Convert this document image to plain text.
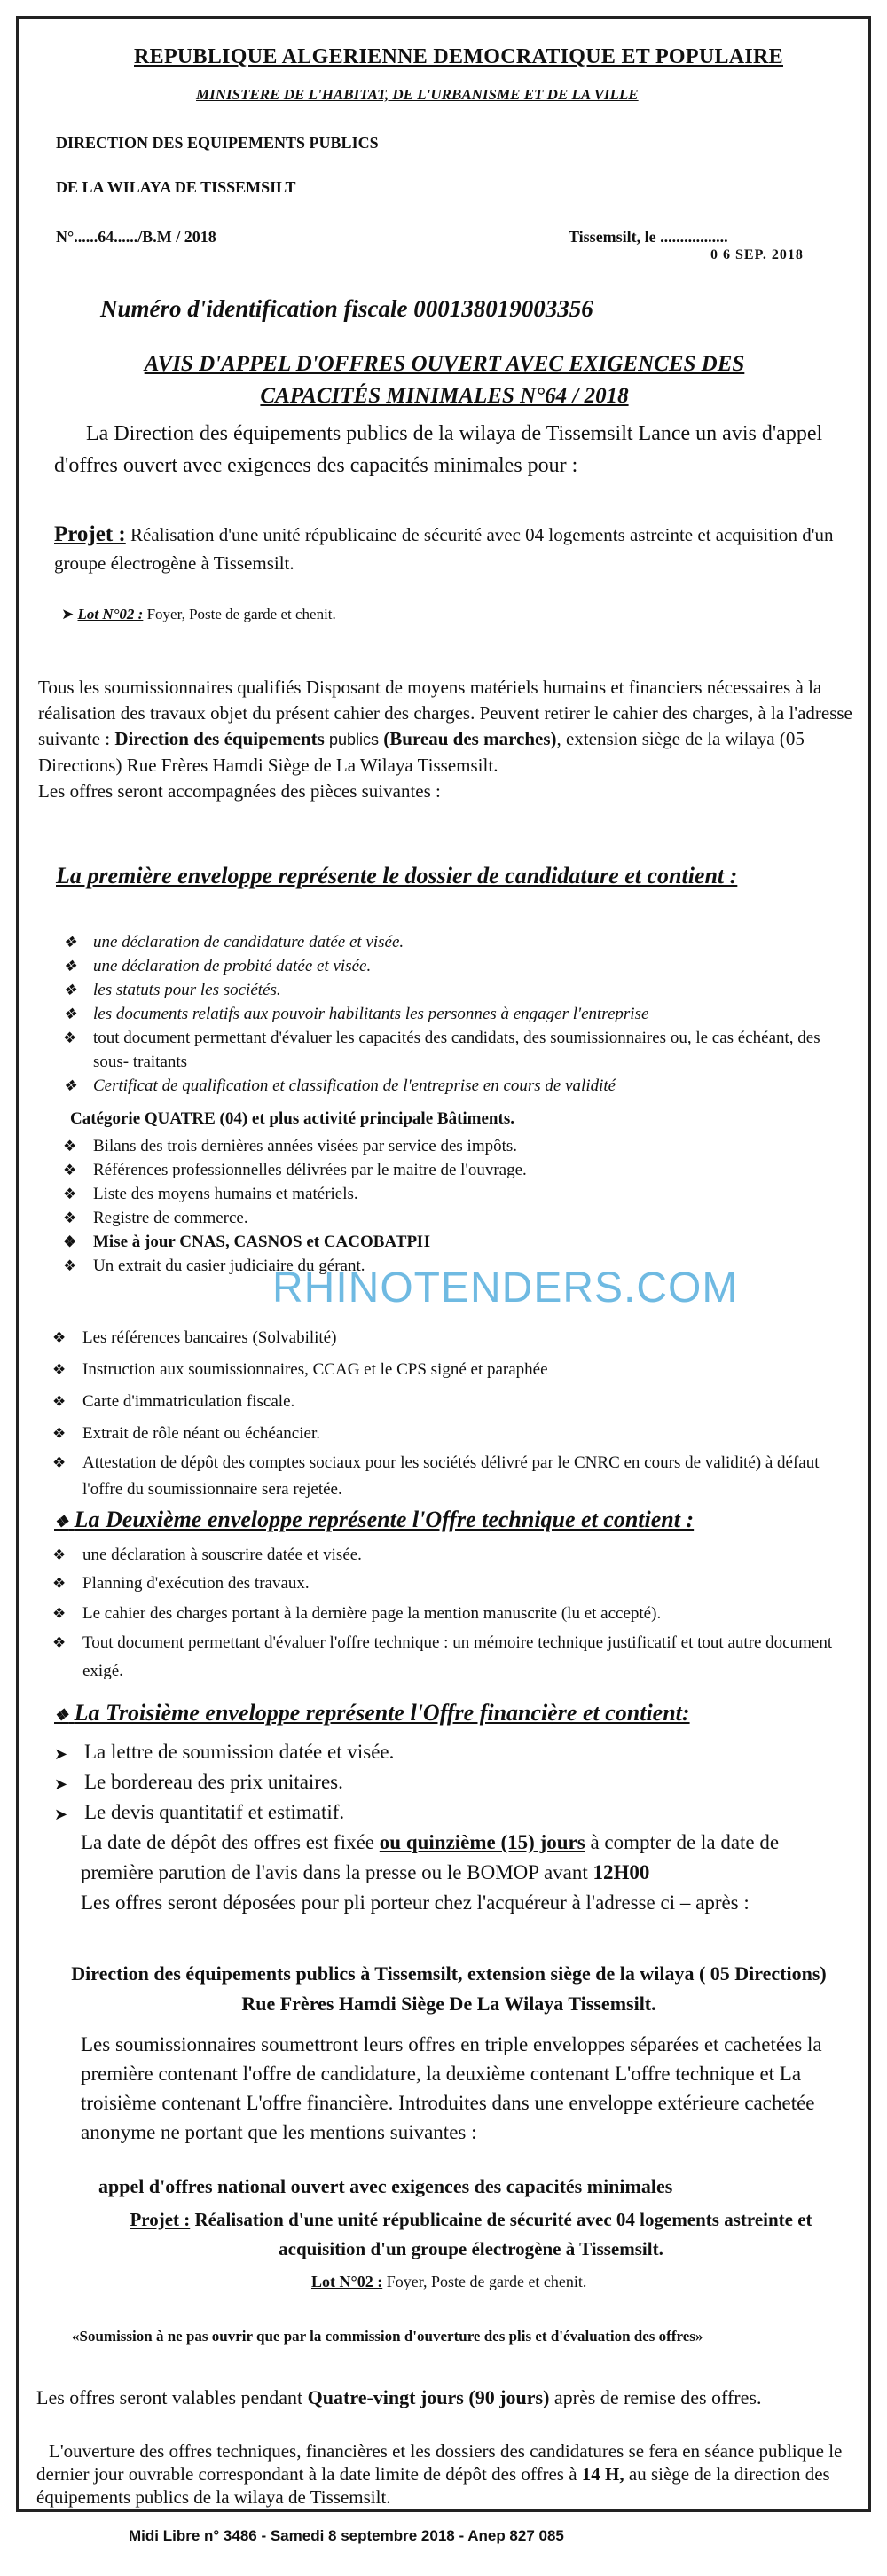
REPUBLIQUE ALGERIENNE DEMOCRATIQUE ET POPULAIRE
MINISTERE DE L'HABITAT, DE L'URBANISME ET DE LA VILLE
DIRECTION DES EQUIPEMENTS PUBLICS
DE LA WILAYA DE TISSEMSILT
N°......64....../B.M / 2018	Tissemsilt, le .................
0 6 SEP. 2018
Numéro d'identification fiscale 000138019003356
AVIS D'APPEL D'OFFRES OUVERT AVEC EXIGENCES DES CAPACITÉS MINIMALES N°64 / 2018
La Direction des équipements publics de la wilaya de Tissemsilt Lance un avis d'appel d'offres ouvert avec exigences des capacités minimales pour :
Projet : Réalisation d'une unité républicaine de sécurité avec 04 logements astreinte et acquisition d'un groupe électrogène à Tissemsilt.
➤ Lot N°02 : Foyer, Poste de garde et chenit.
Tous les soumissionnaires qualifiés Disposant de moyens matériels humains et financiers nécessaires à la réalisation des travaux objet du présent cahier des charges. Peuvent retirer le cahier des charges, à la l'adresse suivante : Direction des équipements publics (Bureau des marches), extension siège de la wilaya (05 Directions) Rue Frères Hamdi Siège de La Wilaya Tissemsilt.
Les offres seront accompagnées des pièces suivantes :
La première enveloppe représente le dossier de candidature et contient :
❖ une déclaration de candidature datée et visée.
❖ une déclaration de probité datée et visée.
❖ les statuts pour les sociétés.
❖ les documents relatifs aux pouvoir habilitants les personnes à engager l'entreprise
❖ tout document permettant d'évaluer les capacités des candidats, des soumissionnaires ou, le cas échéant, des sous- traitants
❖ Certificat de qualification et classification de l'entreprise en cours de validité
Catégorie QUATRE (04) et plus activité principale Bâtiments.
❖ Bilans des trois dernières années visées par service des impôts.
❖ Références professionnelles délivrées par le maitre de l'ouvrage.
❖ Liste des moyens humains et matériels.
❖ Registre de commerce.
❖ Mise à jour CNAS, CASNOS et CACOBATPH
❖ Un extrait du casier judiciaire du gérant.
RHINOTENDERS.COM
❖ Les références bancaires (Solvabilité)
❖ Instruction aux soumissionnaires, CCAG et le CPS signé et paraphée
❖ Carte d'immatriculation fiscale.
❖ Extrait de rôle néant ou échéancier.
❖ Attestation de dépôt des comptes sociaux pour les sociétés délivré par le CNRC en cours de validité) à défaut l'offre du soumissionnaire sera rejetée.
❖ La Deuxième enveloppe représente l'Offre technique et contient :
❖ une déclaration à souscrire datée et visée.
❖ Planning d'exécution des travaux.
❖ Le cahier des charges portant à la dernière page la mention manuscrite (lu et accepté).
❖ Tout document permettant d'évaluer l'offre technique : un mémoire technique justificatif et tout autre document exigé.
❖ La Troisième enveloppe représente l'Offre financière et contient:
➤ La lettre de soumission datée et visée.
➤ Le bordereau des prix unitaires.
➤ Le devis quantitatif et estimatif.
La date de dépôt des offres est fixée ou quinzième (15) jours à compter de la date de première parution de l'avis dans la presse ou le BOMOP avant 12H00
Les offres seront déposées pour pli porteur chez l'acquéreur à l'adresse ci – après :
Direction des équipements publics à Tissemsilt, extension siège de la wilaya ( 05 Directions) Rue Frères Hamdi Siège De La Wilaya Tissemsilt.
Les soumissionnaires soumettront leurs offres en triple enveloppes séparées et cachetées la première contenant l'offre de candidature, la deuxième contenant L'offre technique et La troisième contenant L'offre financière. Introduites dans une enveloppe extérieure cachetée anonyme ne portant que les mentions suivantes :
appel d'offres national ouvert avec exigences des capacités minimales
Projet : Réalisation d'une unité républicaine de sécurité avec 04 logements astreinte et acquisition d'un groupe électrogène à Tissemsilt.
Lot N°02 : Foyer, Poste de garde et chenit.
«Soumission à ne pas ouvrir que par la commission d'ouverture des plis et d'évaluation des offres»
Les offres seront valables pendant Quatre-vingt jours (90 jours) après de remise des offres.
L'ouverture des offres techniques, financières et les dossiers des candidatures se fera en séance publique le dernier jour ouvrable correspondant à la date limite de dépôt des offres à 14 H, au siège de la direction des équipements publics de la wilaya de Tissemsilt.
Midi Libre n° 3486 - Samedi 8 septembre 2018 - Anep 827 085
